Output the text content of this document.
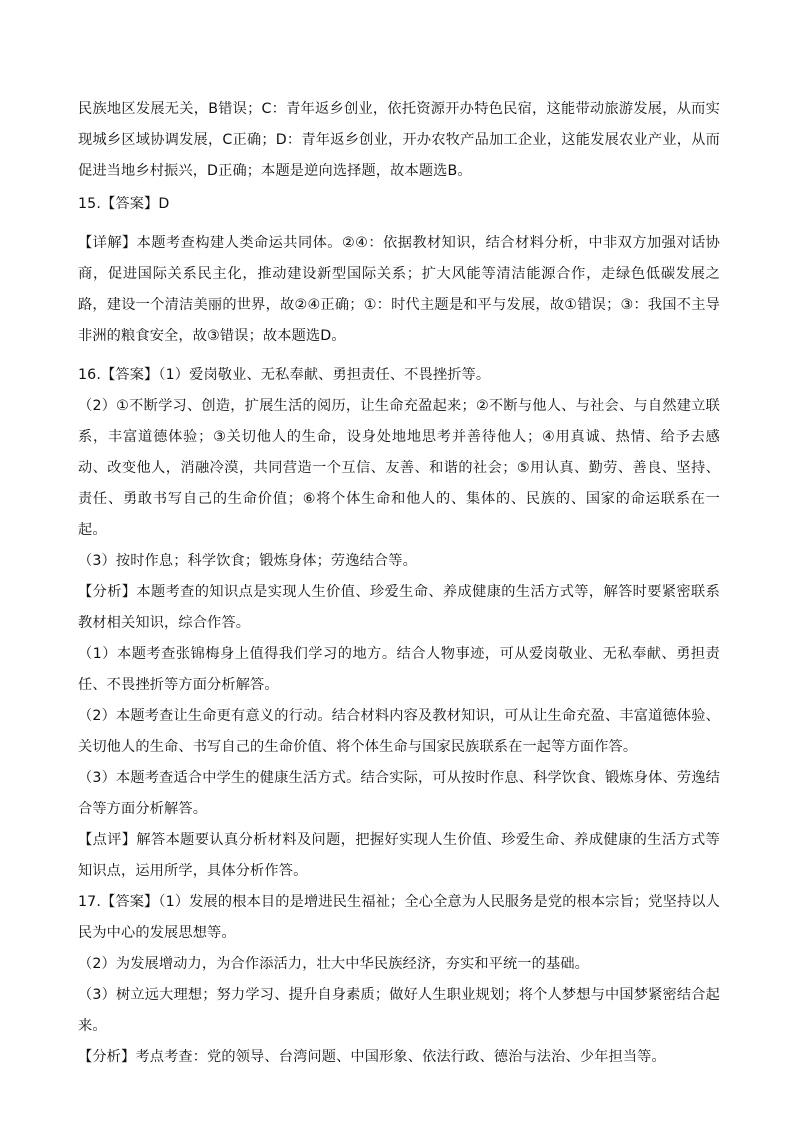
民族地区发展无关，B错误；C：青年返乡创业，依托资源开办特色民宿，这能带动旅游发展，从而实现城乡区域协调发展，C正确；D：青年返乡创业，开办农牧产品加工企业，这能发展农业产业，从而促进当地乡村振兴，D正确；本题是逆向选择题，故本题选B。

15.【答案】D

【详解】本题考查构建人类命运共同体。②④：依据教材知识，结合材料分析，中非双方加强对话协商，促进国际关系民主化，推动建设新型国际关系；扩大风能等清洁能源合作，走绿色低碳发展之路，建设一个清洁美丽的世界，故②④正确；①：时代主题是和平与发展，故①错误；③：我国不主导非洲的粮食安全，故③错误；故本题选D。

16.【答案】（1）爱岗敬业、无私奉献、勇担责任、不畏挫折等。

（2）①不断学习、创造，扩展生活的阅历，让生命充盈起来；②不断与他人、与社会、与自然建立联系，丰富道德体验；③关切他人的生命，设身处地地思考并善待他人；④用真诚、热情、给予去感动、改变他人，消融冷漠，共同营造一个互信、友善、和谐的社会；⑤用认真、勤劳、善良、坚持、责任、勇敢书写自己的生命价值；⑥将个体生命和他人的、集体的、民族的、国家的命运联系在一起。

（3）按时作息；科学饮食；锻炼身体；劳逸结合等。

【分析】本题考查的知识点是实现人生价值、珍爱生命、养成健康的生活方式等，解答时要紧密联系教材相关知识，综合作答。

（1）本题考查张锦梅身上值得我们学习的地方。结合人物事迹，可从爱岗敬业、无私奉献、勇担责任、不畏挫折等方面分析解答。

（2）本题考查让生命更有意义的行动。结合材料内容及教材知识，可从让生命充盈、丰富道德体验、关切他人的生命、书写自己的生命价值、将个体生命与国家民族联系在一起等方面作答。

（3）本题考查适合中学生的健康生活方式。结合实际，可从按时作息、科学饮食、锻炼身体、劳逸结合等方面分析解答。

【点评】解答本题要认真分析材料及问题，把握好实现人生价值、珍爱生命、养成健康的生活方式等知识点，运用所学，具体分析作答。

17.【答案】（1）发展的根本目的是增进民生福祉；全心全意为人民服务是党的根本宗旨；党坚持以人民为中心的发展思想等。

（2）为发展增动力，为合作添活力，壮大中华民族经济，夯实和平统一的基础。

（3）树立远大理想；努力学习、提升自身素质；做好人生职业规划；将个人梦想与中国梦紧密结合起来。

【分析】考点考查：党的领导、台湾问题、中国形象、依法行政、德治与法治、少年担当等。
